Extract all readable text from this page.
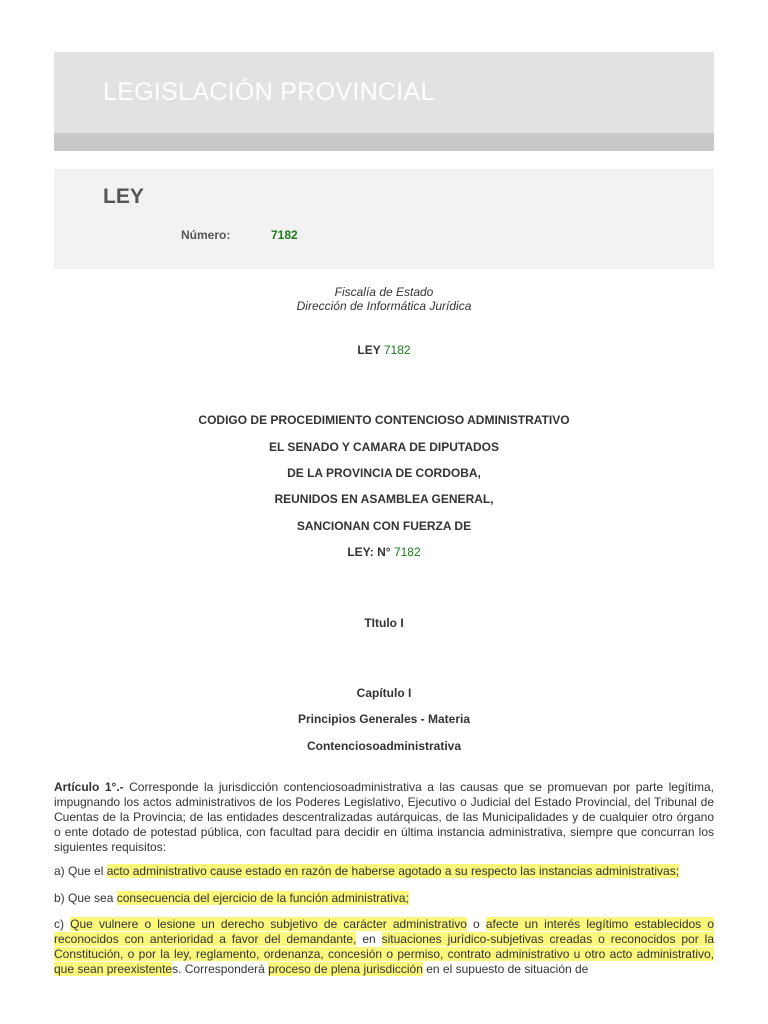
LEGISLACIÓN PROVINCIAL
LEY
Número:	7182
Fiscalía de Estado
Dirección de Informática Jurídica
LEY 7182
CODIGO DE PROCEDIMIENTO CONTENCIOSO ADMINISTRATIVO
EL SENADO Y CAMARA DE DIPUTADOS
DE LA PROVINCIA DE CORDOBA,
REUNIDOS EN ASAMBLEA GENERAL,
SANCIONAN CON FUERZA DE
LEY: N° 7182
TItulo I
Capítulo I
Principios Generales - Materia
Contenciosoadministrativa
Artículo 1°.- Corresponde la jurisdicción contenciosoadministrativa a las causas que se promuevan por parte legítima, impugnando los actos administrativos de los Poderes Legislativo, Ejecutivo o Judicial del Estado Provincial, del Tribunal de Cuentas de la Provincia; de las entidades descentralizadas autárquicas, de las Municipalidades y de cualquier otro órgano o ente dotado de potestad pública, con facultad para decidir en última instancia administrativa, siempre que concurran los siguientes requisitos:
a) Que el acto administrativo cause estado en razón de haberse agotado a su respecto las instancias administrativas;
b) Que sea consecuencia del ejercicio de la función administrativa;
c) Que vulnere o lesione un derecho subjetivo de carácter administrativo o afecte un interés legítimo establecidos o reconocidos con anterioridad a favor del demandante, en situaciones jurídico-subjetivas creadas o reconocidos por la Constitución, o por la ley, reglamento, ordenanza, concesión o permiso, contrato administrativo u otro acto administrativo, que sean preexistentes. Corresponderá proceso de plena jurisdicción en el supuesto de situación de
